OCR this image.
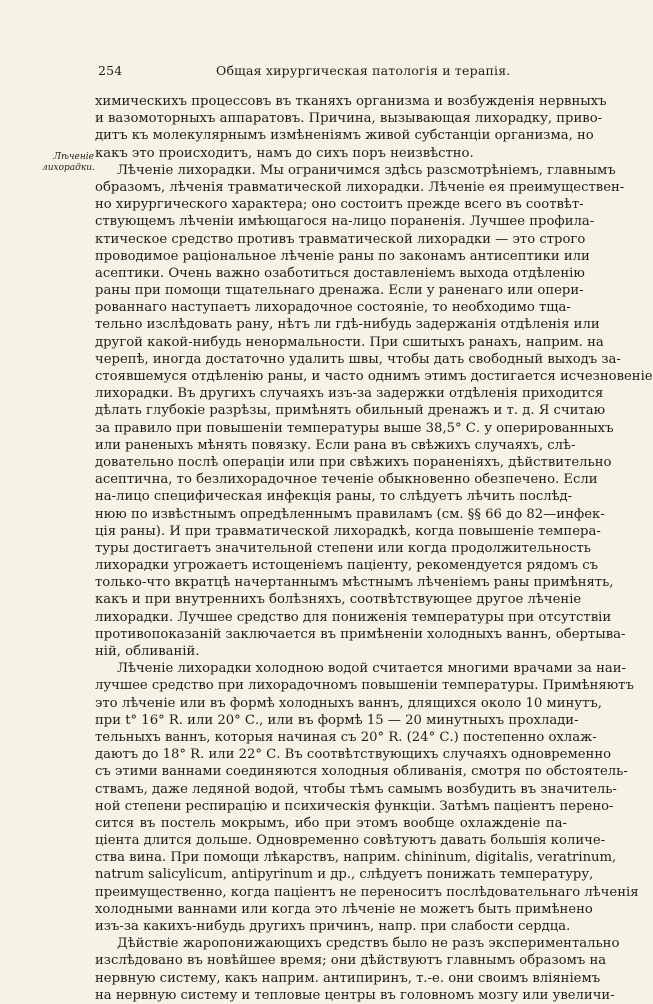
254	Общая хирургическая патологія и терапія.
Лѣченіе лихорадки.
химическихъ процессовъ въ тканяхъ организма и возбужденія нервныхъ
и вазомоторныхъ аппаратовъ. Причина, вызывающая лихорадку, приво-
дитъ къ молекулярнымъ измѣненіямъ живой субстанціи организма, но
какъ это происходитъ, намъ до сихъ поръ неизвѣстно.
Лѣченіе лихорадки. Мы ограничимся здѣсь разсмотрѣніемъ, главнымъ
образомъ, лѣченія травматической лихорадки. Лѣченіе ея преимуществен-
но хирургического характера; оно состоитъ прежде всего въ соотвѣт-
ствующемъ лѣченіи имѣющагося на-лицо пораненія. Лучшее профила-
ктическое средство противъ травматической лихорадки — это строго
проводимое раціональное лѣченіе раны по законамъ антисептики или
асептики. Очень важно озаботиться доставленіемъ выхода отдѣленію
раны при помощи тщательнаго дренажа. Если у раненаго или опери-
рованнаго наступаетъ лихорадочное состояніе, то необходимо тща-
тельно изслѣдовать рану, нѣтъ ли гдѣ-нибудь задержанія отдѣленія или
другой какой-нибудь ненормальности. При сшитыхъ ранахъ, наприм. на
черепѣ, иногда достаточно удалить швы, чтобы дать свободный выходъ за-
стоявшемуся отдѣленію раны, и часто однимъ этимъ достигается исчезновеніе
лихорадки. Въ другихъ случаяхъ изъ-за задержки отдѣленія приходится
дѣлать глубокіе разрѣзы, примѣнять обильный дренажъ и т. д. Я считаю
за правило при повышеніи температуры выше 38,5° С. у оперированныхъ
или раненыхъ мѣнять повязку. Если рана въ свѣжихъ случаяхъ, слѣ-
довательно послѣ операціи или при свѣжихъ пораненіяхъ, дѣйствительно
асептична, то безлихорадочное теченіе обыкновенно обезпечено. Если
на-лицо специфическая инфекція раны, то слѣдуетъ лѣчить послѣд-
нюю по извѣстнымъ опредѣленнымъ правиламъ (см. §§ 66 до 82—инфек-
ція раны). И при травматической лихорадкѣ, когда повышеніе темпера-
туры достигаетъ значительной степени или когда продолжительность
лихорадки угрожаетъ истощеніемъ паціенту, рекомендуется рядомъ съ
только-что вкратцѣ начертаннымъ мѣстнымъ лѣченіемъ раны примѣнять,
какъ и при внутреннихъ болѣзняхъ, соотвѣтствующее другое лѣченіе
лихорадки. Лучшее средство для пониженія температуры при отсутствіи
противопоказаній заключается въ примѣненіи холодныхъ ваннъ, обертыва-
ній, обливаній.
Лѣченіе лихорадки холодною водой считается многими врачами за наи-
лучшее средство при лихорадочномъ повышеніи температуры. Примѣняютъ
это лѣченіе или въ формѣ холодныхъ ваннъ, длящихся около 10 минутъ,
при t° 16° R. или 20° С., или въ формѣ 15 — 20 минутныхъ прохлади-
тельныхъ ваннъ, которыя начиная съ 20° R. (24° С.) постепенно охлаж-
даютъ до 18° R. или 22° С. Въ соотвѣтствующихъ случаяхъ одновременно
съ этими ваннами соединяются холодныя обливанія, смотря по обстоятель-
ствамъ, даже ледяной водой, чтобы тѣмъ самымъ возбудить въ значитель-
ной степени респирацію и психическія функціи. Затѣмъ паціентъ перено-
сится въ постель мокрымъ, ибо при этомъ вообще охлажденіе па-
ціента длится дольше. Одновременно совѣтуютъ давать большія количе-
ства вина. При помощи лѣкарствъ, наприм. chininum, digitalis, veratrinum,
natrum salicylicum, antipyrinum и др., слѣдуетъ понижать температуру,
преимущественно, когда паціентъ не переноситъ послѣдовательнаго лѣченія
холодными ваннами или когда это лѣченіе не можетъ быть примѣнено
изъ-за какихъ-нибудь другихъ причинъ, напр. при слабости сердца.
Дѣйствіе жаропонижающихъ средствъ было не разъ экспериментально
изслѣдовано въ новѣйшее время; они дѣйствуютъ главнымъ образомъ на
нервную систему, какъ наприм. антипиринъ, т.-е. они своимъ вліяніемъ
на нервную систему и тепловые центры въ головномъ мозгу или увеличи-
